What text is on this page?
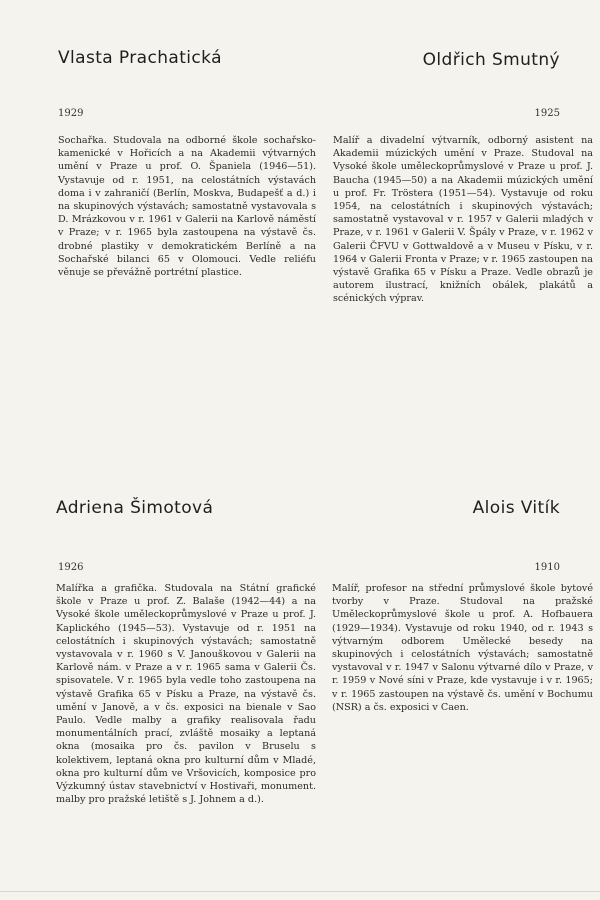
Vlasta Prachatická
1929

Sochařka. Studovala na odborné škole sochařsko-kamenické v Hořicích a na Akademii výtvarných umění v Praze u prof. O. Španiela (1946—51). Vystavuje od r. 1951, na celostátních výstavách doma i v zahraničí (Berlín, Moskva, Budapešť a d.) i na skupinových výstavách; samostatně vystavovala s D. Mrázkovou v r. 1961 v Galerii na Karlově náměstí v Praze; v r. 1965 byla zastoupena na výstavě čs. drobné plastiky v demokratickém Berlíně a na Sochařské bilanci 65 v Olomouci. Vedle reliéfu věnuje se převážně portrétní plastice.

Oldřich Smutný
1925

Malíř a divadelní výtvarník, odborný asistent na Akademii múzických umění v Praze. Studoval na Vysoké škole uměleckoprůmyslové v Praze u prof. J. Baucha (1945—50) a na Akademii múzických umění u prof. Fr. Tröstera (1951—54). Vystavuje od roku 1954, na celostátních i skupinových výstavách; samostatně vystavoval v r. 1957 v Galerii mladých v Praze, v r. 1961 v Galerii V. Špály v Praze, v r. 1962 v Galerii ČFVU v Gottwaldově a v Museu v Písku, v r. 1964 v Galerii Fronta v Praze; v r. 1965 zastoupen na výstavě Grafika 65 v Písku a Praze. Vedle obrazů je autorem ilustrací, knižních obálek, plakátů a scénických výprav.

Adriena Šimotová
1926

Malířka a grafička. Studovala na Státní grafické škole v Praze u prof. Z. Balaše (1942—44) a na Vysoké škole uměleckoprůmyslové v Praze u prof. J. Kaplického (1945—53). Vystavuje od r. 1951 na celostátních i skupinových výstavách; samostatně vystavovala v r. 1960 s V. Janouškovou v Galerii na Karlově nám. v Praze a v r. 1965 sama v Galerii Čs. spisovatele. V r. 1965 byla vedle toho zastoupena na výstavě Grafika 65 v Písku a Praze, na výstavě čs. umění v Janově, a v čs. exposici na bienale v Sao Paulo. Vedle malby a grafiky realisovala řadu monumentálních prací, zvláště mosaiky a leptaná okna (mosaika pro čs. pavilon v Bruselu s kolektivem, leptaná okna pro kulturní dům v Mladé, okna pro kulturní dům ve Vršovicích, komposice pro Výzkumný ústav stavebnictví v Hostivaři, monument. malby pro pražské letiště s J. Johnem a d.).

Alois Vitík
1910

Malíř, profesor na střední průmyslové škole bytové tvorby v Praze. Studoval na pražské Uměleckoprůmyslové škole u prof. A. Hofbauera (1929—1934). Vystavuje od roku 1940, od r. 1943 s výtvarným odborem Umělecké besedy na skupinových i celostátních výstavách; samostatně vystavoval v r. 1947 v Salonu výtvarné dílo v Praze, v r. 1959 v Nové síni v Praze, kde vystavuje i v r. 1965; v r. 1965 zastoupen na výstavě čs. umění v Bochumu (NSR) a čs. exposici v Caen.
